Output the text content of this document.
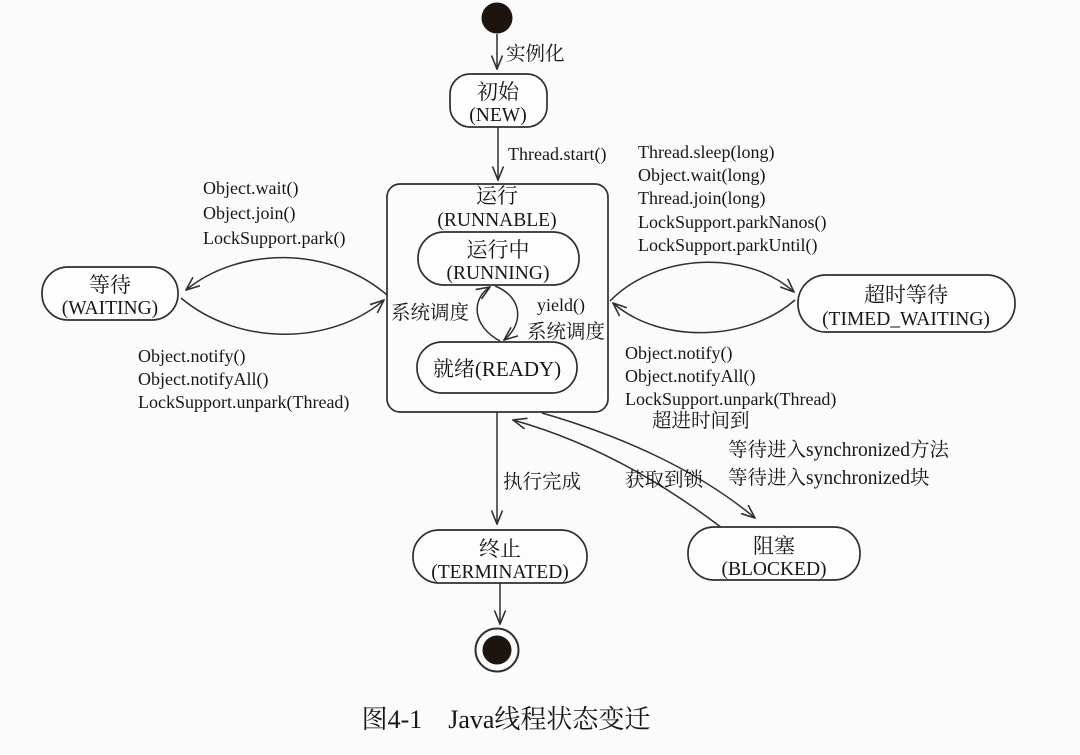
实例化
初始
(NEW)
Thread.start()
运行
(RUNNABLE)
运行中
(RUNNING)
就绪(READY)
系统调度	yield()
系统调度
等待
(WAITING)
Object.wait()
Object.join()
LockSupport.park()
Object.notify()
Object.notifyAll()
LockSupport.unpark(Thread)
超时等待
(TIMED_WAITING)
Thread.sleep(long)
Object.wait(long)
Thread.join(long)
LockSupport.parkNanos()
LockSupport.parkUntil()
Object.notify()
Object.notifyAll()
LockSupport.unpark(Thread)
超进时间到
执行完成
终止
(TERMINATED)
获取到锁
等待进入synchronized方法
等待进入synchronized块
阻塞
(BLOCKED)
图4-1　Java线程状态变迁
